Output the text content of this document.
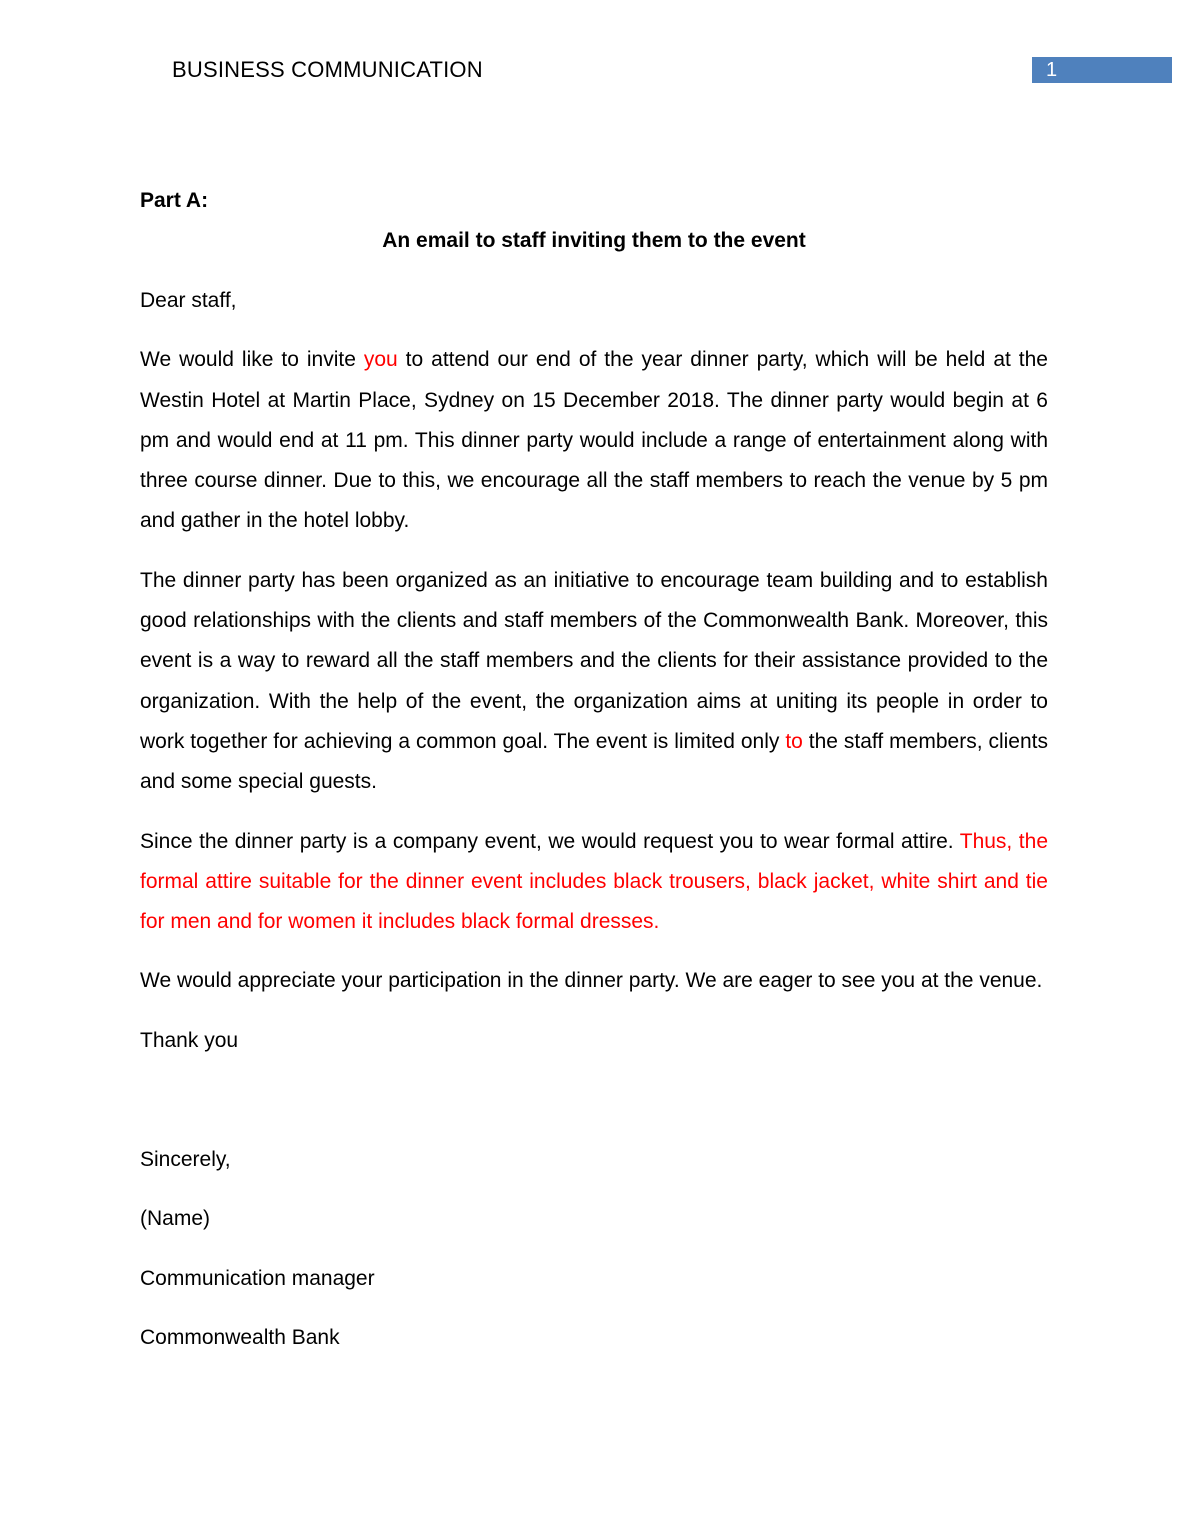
BUSINESS COMMUNICATION	1

Part A:

An email to staff inviting them to the event

Dear staff,

We would like to invite you to attend our end of the year dinner party, which will be held at the Westin Hotel at Martin Place, Sydney on 15 December 2018. The dinner party would begin at 6 pm and would end at 11 pm. This dinner party would include a range of entertainment along with three course dinner. Due to this, we encourage all the staff members to reach the venue by 5 pm and gather in the hotel lobby.

The dinner party has been organized as an initiative to encourage team building and to establish good relationships with the clients and staff members of the Commonwealth Bank. Moreover, this event is a way to reward all the staff members and the clients for their assistance provided to the organization. With the help of the event, the organization aims at uniting its people in order to work together for achieving a common goal. The event is limited only to the staff members, clients and some special guests.

Since the dinner party is a company event, we would request you to wear formal attire. Thus, the formal attire suitable for the dinner event includes black trousers, black jacket, white shirt and tie for men and for women it includes black formal dresses.

We would appreciate your participation in the dinner party. We are eager to see you at the venue.

Thank you

Sincerely,

(Name)

Communication manager

Commonwealth Bank
